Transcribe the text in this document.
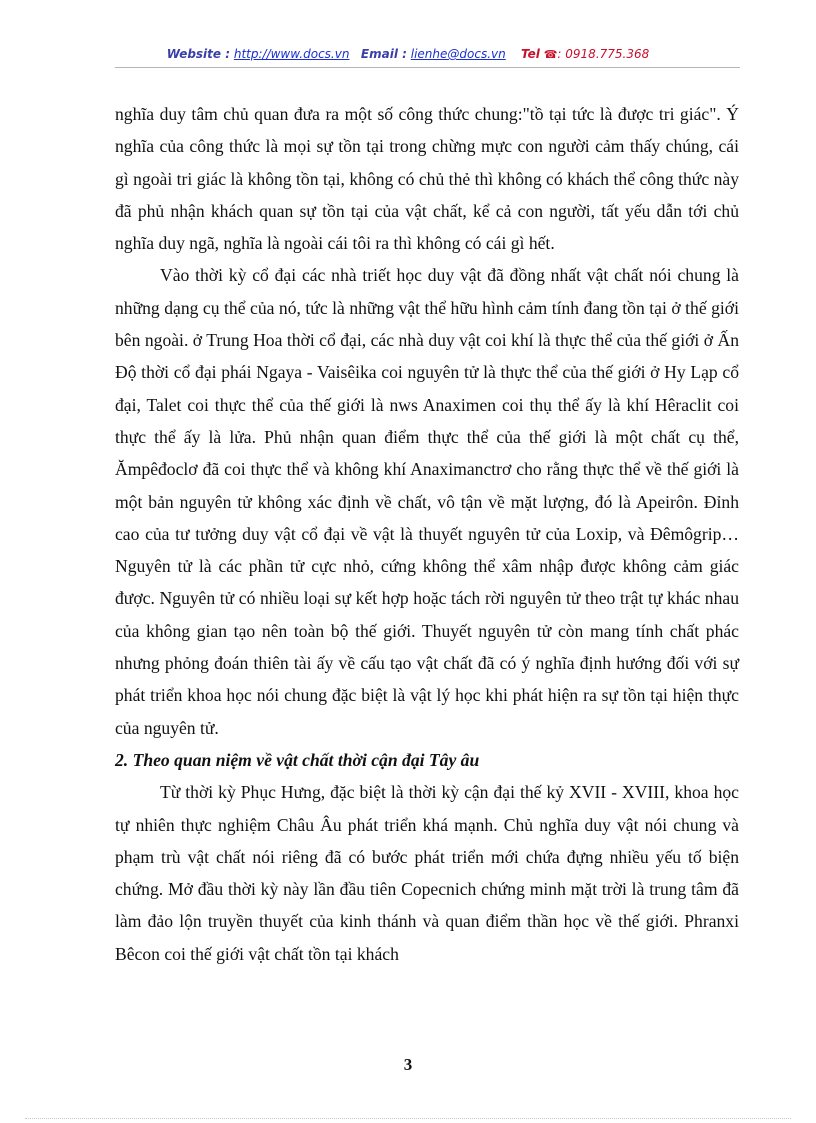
Website : http://www.docs.vn Email : lienhe@docs.vn Tel ☎: 0918.775.368

nghĩa duy tâm chủ quan đưa ra một số công thức chung:"tồ tại tức là được tri giác". Ý nghĩa của công thức là mọi sự tồn tại trong chừng mực con người cảm thấy chúng, cái gì ngoài tri giác là không tồn tại, không có chủ thẻ thì không có khách thể công thức này đã phủ nhận khách quan sự tồn tại của vật chất, kể cả con người, tất yếu dẫn tới chủ nghĩa duy ngã, nghĩa là ngoài cái tôi ra thì không có cái gì hết.

Vào thời kỳ cổ đại các nhà triết học duy vật đã đồng nhất vật chất nói chung là những dạng cụ thể của nó, tức là những vật thể hữu hình cảm tính đang tồn tại ở thế giới bên ngoài. ở Trung Hoa thời cổ đại, các nhà duy vật coi khí là thực thể của thế giới ở Ấn Độ thời cổ đại phái Ngaya - Vaisêika coi nguyên tử là thực thể của thế giới ở Hy Lạp cổ đại, Talet coi thực thể của thế giới là nws Anaximen coi thụ thể ấy là khí Hêraclit coi thực thể ấy là lửa. Phủ nhận quan điểm thực thể của thế giới là một chất cụ thể, Ămpêđoclơ đã coi thực thể và không khí Anaximanctrơ cho rằng thực thể về thế giới là một bản nguyên tử không xác định về chất, vô tận về mặt lượng, đó là Apeirôn. Đỉnh cao của tư tưởng duy vật cổ đại về vật là thuyết nguyên tử của Loxip, và Đêmôgrip… Nguyên tử là các phần tử cực nhỏ, cứng không thể xâm nhập được không cảm giác được. Nguyên tử có nhiều loại sự kết hợp hoặc tách rời nguyên tử theo trật tự khác nhau của không gian tạo nên toàn bộ thế giới. Thuyết nguyên tử còn mang tính chất phác nhưng phỏng đoán thiên tài ấy về cấu tạo vật chất đã có ý nghĩa định hướng đối với sự phát triển khoa học nói chung đặc biệt là vật lý học khi phát hiện ra sự tồn tại hiện thực của nguyên tử.

2. Theo quan niệm về vật chất thời cận đại Tây âu

Từ thời kỳ Phục Hưng, đặc biệt là thời kỳ cận đại thế kỷ XVII - XVIII, khoa học tự nhiên thực nghiệm Châu Âu phát triển khá mạnh. Chủ nghĩa duy vật nói chung và phạm trù vật chất nói riêng đã có bước phát triển mới chứa đựng nhiều yếu tố biện chứng. Mở đầu thời kỳ này lần đầu tiên Copecnich chứng minh mặt trời là trung tâm đã làm đảo lộn truyền thuyết của kinh thánh và quan điểm thần học về thế giới. Phranxi Bêcon coi thế giới vật chất tồn tại khách

3
